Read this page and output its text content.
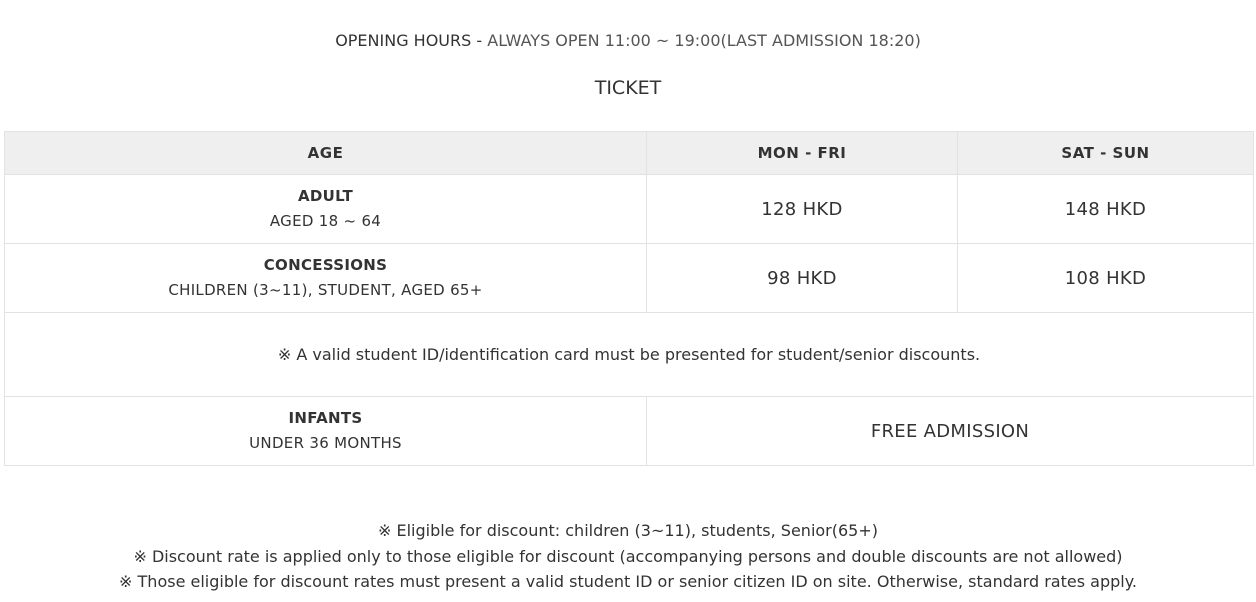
OPENING HOURS - ALWAYS OPEN 11:00 ~ 19:00(LAST ADMISSION 18:20)
TICKET
AGE	MON - FRI	SAT - SUN

ADULT
AGED 18 ~ 64	128 HKD	148 HKD

CONCESSIONS
CHILDREN (3~11), STUDENT, AGED 65+	98 HKD	108 HKD
※ A valid student ID/identification card must be presented for student/senior discounts.		

INFANTS
UNDER 36 MONTHS	FREE ADMISSION	
※ Eligible for discount: children (3~11), students, Senior(65+)
※ Discount rate is applied only to those eligible for discount (accompanying persons and double discounts are not allowed)
※ Those eligible for discount rates must present a valid student ID or senior citizen ID on site. Otherwise, standard rates apply.
